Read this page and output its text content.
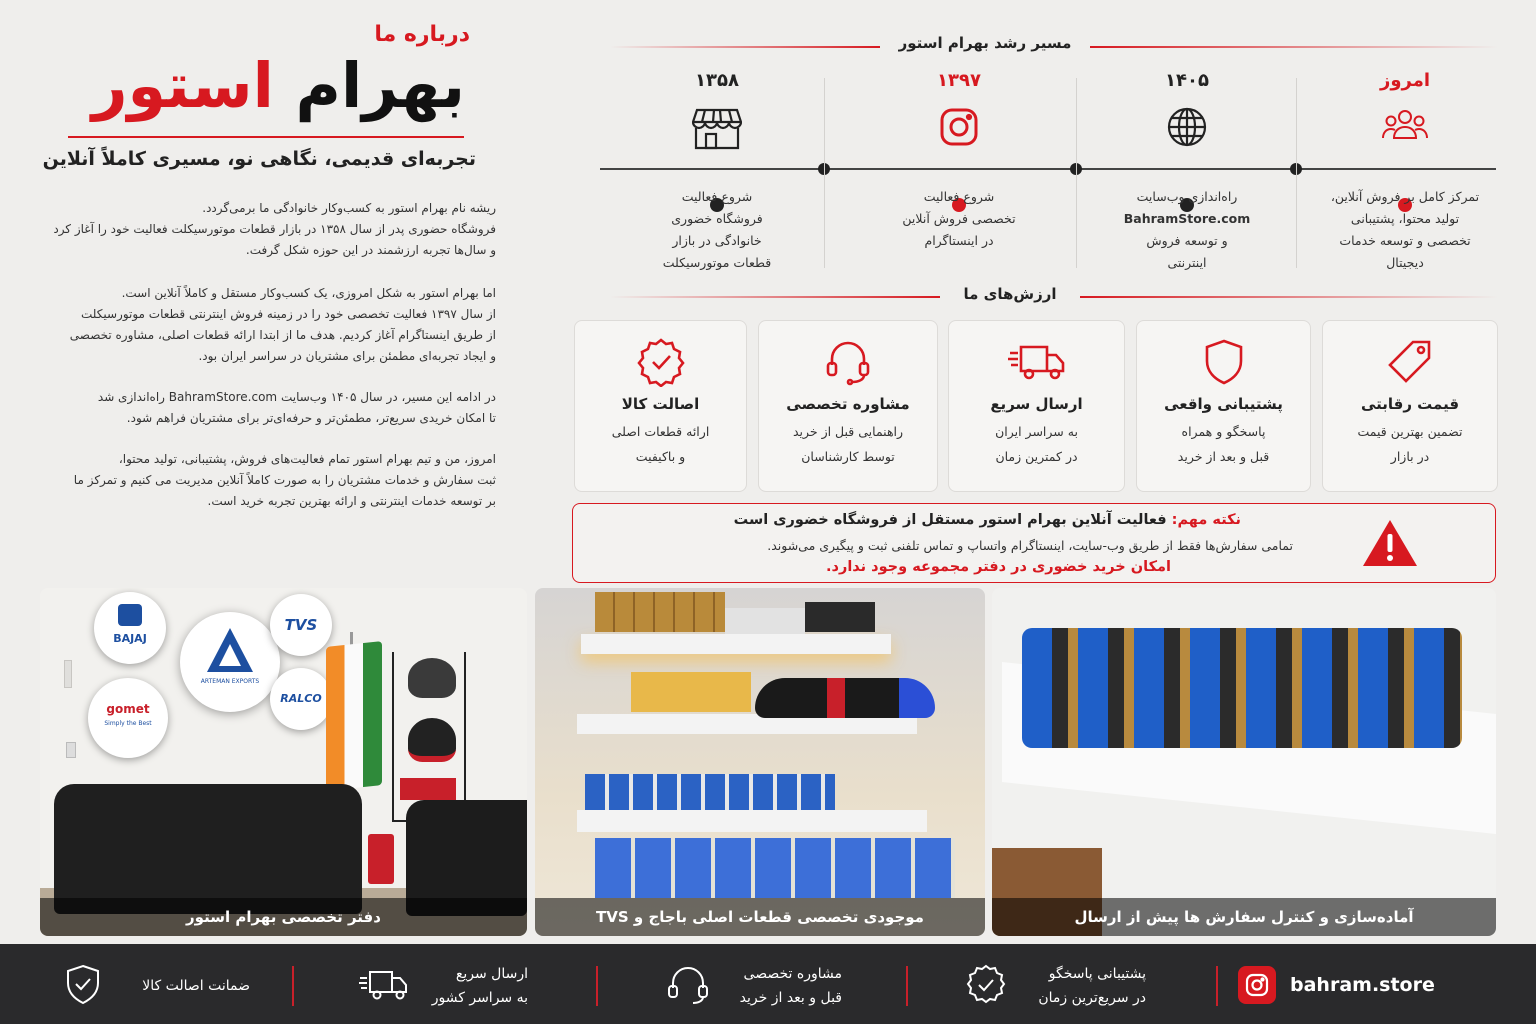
درباره ما
بهرام استور
تجربه‌ای قدیمی، نگاهی نو، مسیری کاملاً آنلاین
ریشه نام بهرام استور به کسب‌وکار خانوادگی ما برمی‌گردد.
فروشگاه حضوری پدر از سال ۱۳۵۸ در بازار قطعات موتورسیکلت فعالیت خود را آغاز کرد
و سال‌ها تجربه ارزشمند در این حوزه شکل گرفت.
اما بهرام استور به شکل امروزی، یک کسب‌وکار مستقل و کاملاً آنلاین است.
از سال ۱۳۹۷ فعالیت تخصصی خود را در زمینه فروش اینترنتی قطعات موتورسیکلت
از طریق اینستاگرام آغاز کردیم. هدف ما از ابتدا ارائه قطعات اصلی، مشاوره تخصصی
و ایجاد تجربه‌ای مطمئن برای مشتریان در سراسر ایران بود.
در ادامه این مسیر، در سال ۱۴۰۵ وب‌سایت BahramStore.com راه‌اندازی شد
تا امکان خریدی سریع‌تر، مطمئن‌تر و حرفه‌ای‌تر برای مشتریان فراهم شود.
امروز، من و تیم بهرام استور تمام فعالیت‌های فروش، پشتیبانی، تولید محتوا،
ثبت سفارش و خدمات مشتریان را به صورت کاملاً آنلاین مدیریت می کنیم و تمرکز ما
بر توسعه خدمات اینترنتی و ارائه بهترین تجربه خرید است.
مسیر رشد بهرام استور
امروز
تمرکز کامل بر فروش آنلاین،
تولید محتوا، پشتیبانی
تخصصی و توسعه خدمات
دیجیتال
۱۴۰۵
راه‌اندازی وب‌سایت
BahramStore.com
و توسعه فروش
اینترنتی
۱۳۹۷
شروع فعالیت
تخصصی فروش آنلاین
در اینستاگرام
۱۳۵۸
شروع فعالیت
فروشگاه خضوری
خانوادگی در بازار
قطعات موتورسیکلت
ارزش‌های ما
قیمت رقابتی
تضمین بهترین قیمت
در بازار
پشتیبانی واقعی
پاسخگو و همراه
قبل و بعد از خرید
ارسال سریع
به سراسر ایران
در کمترین زمان
مشاوره تخصصی
راهنمایی قبل از خرید
توسط کارشناسان
اصالت کالا
ارائه قطعات اصلی
و باکیفیت
نکته مهم: فعالیت آنلاین بهرام استور مستقل از فروشگاه خضوری است
تمامی سفارش‌ها فقط از طریق وب-سایت، اینستاگرام واتساپ و تماس تلفنی ثبت و پیگیری می‌شوند.
امکان خرید خضوری در دفتر مجموعه وجود ندارد.
BAJAJ
ARTEMAN EXPORTS
TVS
gomet
Simply the Best
RALCO
دفتر تخصصی بهرام استور	موجودی تخصصی قطعات اصلی باجاج و TVS	آماده‌سازی و کنترل سفارش ها پیش از ارسال
bahram.store
پشتیبانی پاسخگو
در سریع‌ترین زمان
مشاوره تخصصی
قبل و بعد از خرید
ارسال سریع
به سراسر کشور
ضمانت اصالت کالا
